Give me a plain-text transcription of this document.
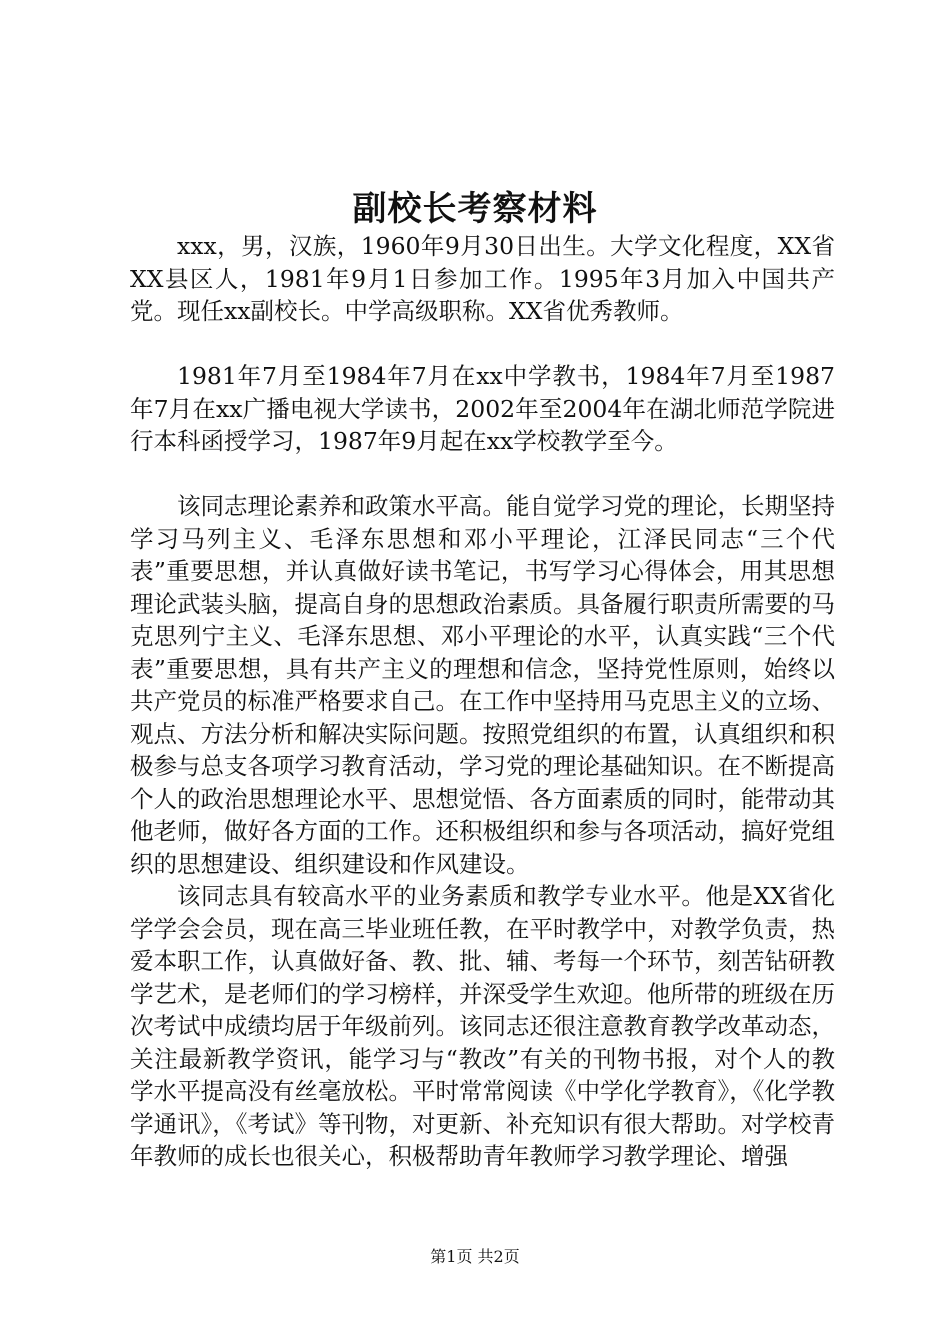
副校长考察材料

xxx，男，汉族，1960年9月30日出生。大学文化程度，XX省XX县区人，1981年9月1日参加工作。1995年3月加入中国共产党。现任xx副校长。中学高级职称。XX省优秀教师。

1981年7月至1984年7月在xx中学教书，1984年7月至1987年7月在xx广播电视大学读书，2002年至2004年在湖北师范学院进行本科函授学习，1987年9月起在xx学校教学至今。

该同志理论素养和政策水平高。能自觉学习党的理论，长期坚持学习马列主义、毛泽东思想和邓小平理论，江泽民同志“三个代表”重要思想，并认真做好读书笔记，书写学习心得体会，用其思想理论武装头脑，提高自身的思想政治素质。具备履行职责所需要的马克思列宁主义、毛泽东思想、邓小平理论的水平，认真实践“三个代表”重要思想，具有共产主义的理想和信念，坚持党性原则，始终以共产党员的标准严格要求自己。在工作中坚持用马克思主义的立场、观点、方法分析和解决实际问题。按照党组织的布置，认真组织和积极参与总支各项学习教育活动，学习党的理论基础知识。在不断提高个人的政治思想理论水平、思想觉悟、各方面素质的同时，能带动其他老师，做好各方面的工作。还积极组织和参与各项活动，搞好党组织的思想建设、组织建设和作风建设。

该同志具有较高水平的业务素质和教学专业水平。他是XX省化学学会会员，现在高三毕业班任教，在平时教学中，对教学负责，热爱本职工作，认真做好备、教、批、辅、考每一个环节，刻苦钻研教学艺术，是老师们的学习榜样，并深受学生欢迎。他所带的班级在历次考试中成绩均居于年级前列。该同志还很注意教育教学改革动态，关注最新教学资讯，能学习与“教改”有关的刊物书报，对个人的教学水平提高没有丝毫放松。平时常常阅读《中学化学教育》，《化学教学通讯》，《考试》等刊物，对更新、补充知识有很大帮助。对学校青年教师的成长也很关心，积极帮助青年教师学习教学理论、增强

第1页 共2页
